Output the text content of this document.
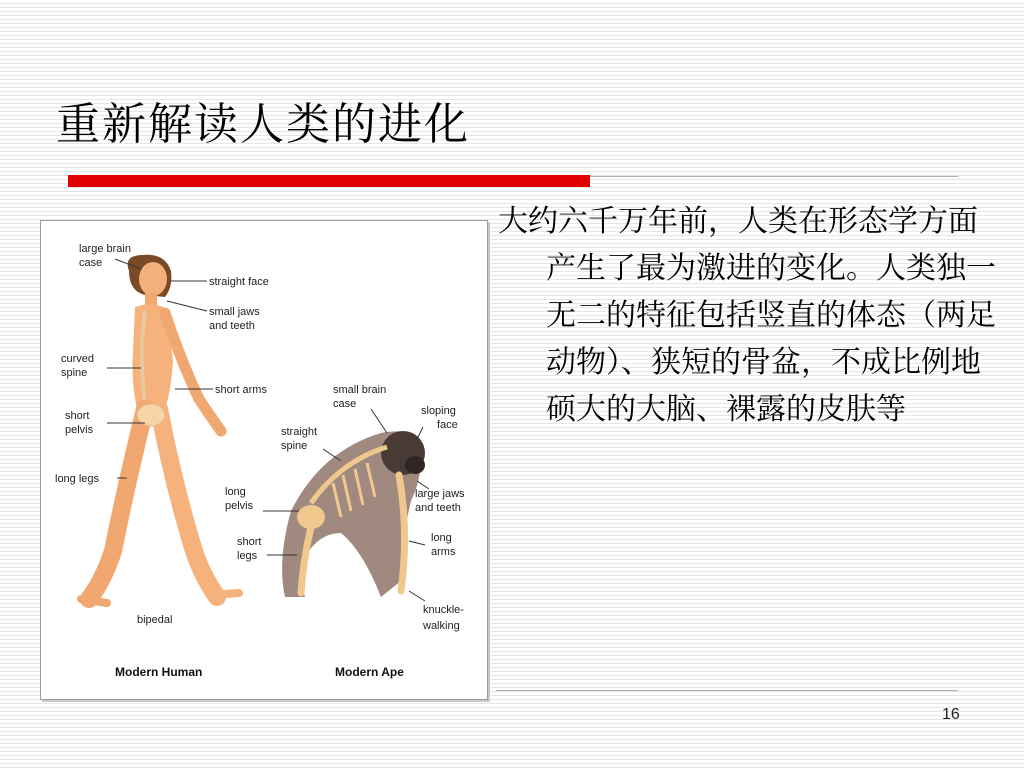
重新解读人类的进化
large brain case
straight face
small jaws and teeth
curved spine
short arms
short pelvis
long legs
bipedal
small brain case
sloping face
straight spine
long pelvis
large jaws and teeth
short legs
long arms
knuckle- walking
Modern Human	Modern Ape

大约六千万年前，人类在形态学方面产生了最为激进的变化。人类独一无二的特征包括竖直的体态（两足动物）、狭短的骨盆，不成比例地硕大的大脑、裸露的皮肤等

16
